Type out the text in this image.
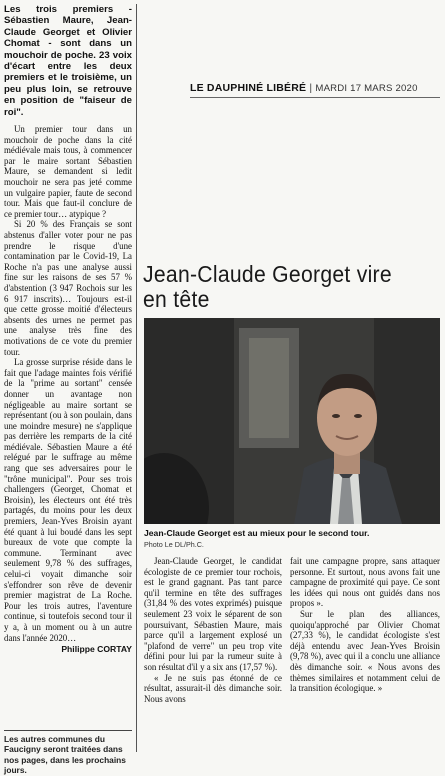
Les trois premiers - Sébastien Maure, Jean-Claude Georget et Olivier Chomat - sont dans un mouchoir de poche. 23 voix d'écart entre les deux premiers et le troisième, un peu plus loin, se retrouve en position de "faiseur de roi".

Un premier tour dans un mouchoir de poche dans la cité médiévale mais tous, à commencer par le maire sortant Sébastien Maure, se demandent si ledit mouchoir ne sera pas jeté comme un vulgaire papier, faute de second tour. Mais que faut-il conclure de ce premier tour… atypique ?

Si 20 % des Français se sont abstenus d'aller voter pour ne pas prendre le risque d'une contamination par le Covid-19, La Roche n'a pas une analyse aussi fine sur les raisons de ses 57 % d'abstention (3 947 Rochois sur les 6 917 inscrits)… Toujours est-il que cette grosse moitié d'électeurs absents des urnes ne permet pas une analyse très fine des motivations de ce vote du premier tour.

La grosse surprise réside dans le fait que l'adage maintes fois vérifié de la "prime au sortant" censée donner un avantage non négligeable au maire sortant se représentant (ou à son poulain, dans une moindre mesure) ne s'applique pas derrière les remparts de la cité médiévale. Sébastien Maure a été relégué par le suffrage au même rang que ses adversaires pour le "trône municipal". Pour ses trois challengers (Georget, Chomat et Broisin), les électeurs ont été très partagés, du moins pour les deux premiers, Jean-Yves Broisin ayant été quant à lui boudé dans les sept bureaux de vote que compte la commune. Terminant avec seulement 9,78 % des suffrages, celui-ci voyait dimanche soir s'effondrer son rêve de devenir premier magistrat de La Roche. Pour les trois autres, l'aventure continue, si toutefois second tour il y a, à un moment ou à un autre dans l'année 2020…

Philippe CORTAY
Les autres communes du Faucigny seront traitées dans nos pages, dans les prochains jours.
LE DAUPHINÉ LIBÉRÉ | MARDI 17 MARS 2020
Jean-Claude Georget vire en tête
Jean-Claude Georget est au mieux pour le second tour.
Photo Le DL/Ph.C.

Jean-Claude Georget, le candidat écologiste de ce premier tour rochois, est le grand gagnant. Pas tant parce qu'il termine en tête des suffrages (31,84 % des votes exprimés) puisque seulement 23 voix le séparent de son poursuivant, Sébastien Maure, mais parce qu'il a largement explosé un "plafond de verre" un peu trop vite défini pour lui par la rumeur suite à son résultat d'il y a six ans (17,57 %).

« Je ne suis pas étonné de ce résultat, assurait-il dès dimanche soir. Nous avons

fait une campagne propre, sans attaquer personne. Et surtout, nous avons fait une campagne de proximité qui paye. Ce sont les idées qui nous ont guidés dans nos propos ».

Sur le plan des alliances, quoiqu'approché par Olivier Chomat (27,33 %), le candidat écologiste s'est déjà entendu avec Jean-Yves Broisin (9,78 %), avec qui il a conclu une alliance dès dimanche soir. « Nous avons des thèmes similaires et notamment celui de la transition écologique. »
